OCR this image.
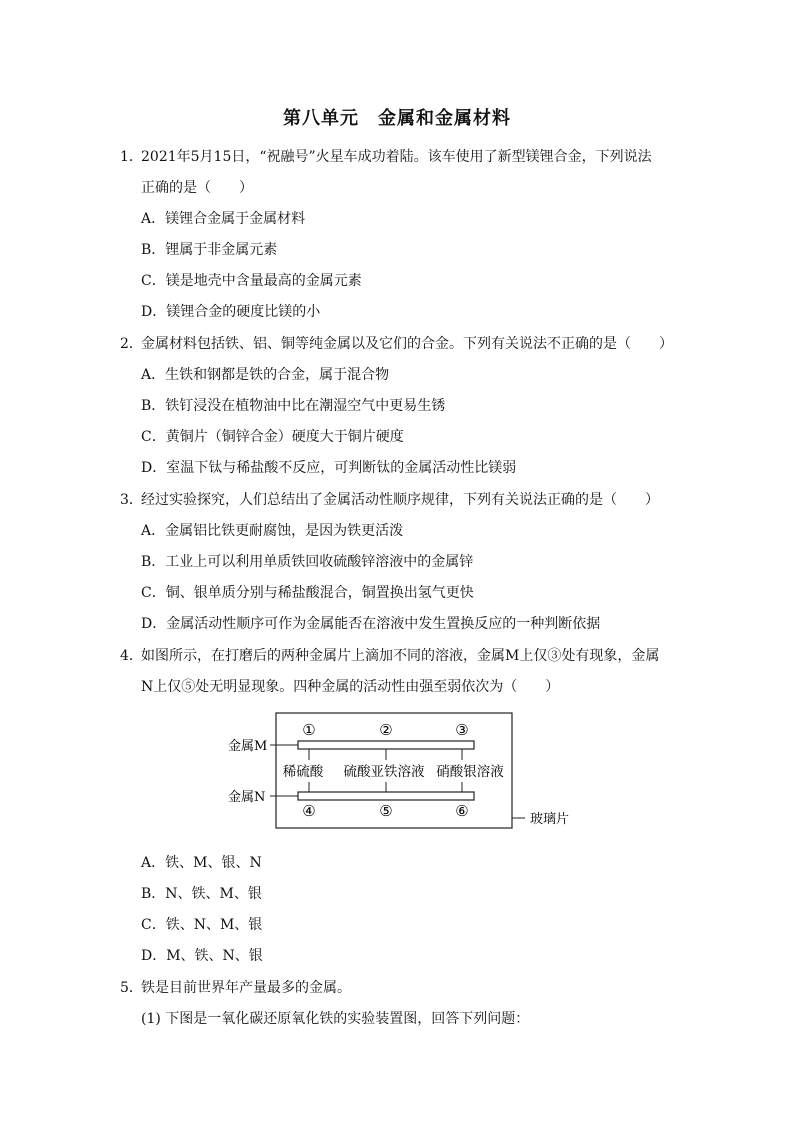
第八单元　金属和金属材料
1．
2021年5月15日，“祝融号”火星车成功着陆。该车使用了新型镁锂合金，下列说法
正确的是（　　）
A．镁锂合金属于金属材料
B．锂属于非金属元素
C．镁是地壳中含量最高的金属元素
D．镁锂合金的硬度比镁的小
2．
金属材料包括铁、铝、铜等纯金属以及它们的合金。下列有关说法不正确的是（　　）
A．生铁和钢都是铁的合金，属于混合物
B．铁钉浸没在植物油中比在潮湿空气中更易生锈
C．黄铜片（铜锌合金）硬度大于铜片硬度
D．室温下钛与稀盐酸不反应，可判断钛的金属活动性比镁弱
3．
经过实验探究，人们总结出了金属活动性顺序规律，下列有关说法正确的是（　　）
A．金属铝比铁更耐腐蚀，是因为铁更活泼
B．工业上可以利用单质铁回收硫酸锌溶液中的金属锌
C．铜、银单质分别与稀盐酸混合，铜置换出氢气更快
D．金属活动性顺序可作为金属能否在溶液中发生置换反应的一种判断依据
4．
如图所示，在打磨后的两种金属片上滴加不同的溶液，金属M上仅③处有现象，金属
N上仅⑤处无明显现象。四种金属的活动性由强至弱依次为（　　）
金属M
金属N
玻璃片
①	②	③
④	⑤	⑥
稀硫酸 硫酸亚铁溶液 硝酸银溶液
A．铁、M、银、N
B．N、铁、M、银
C．铁、N、M、银
D．M、铁、N、银
5．
铁是目前世界年产量最多的金属。
(1) 下图是一氧化碳还原氧化铁的实验装置图，回答下列问题：
